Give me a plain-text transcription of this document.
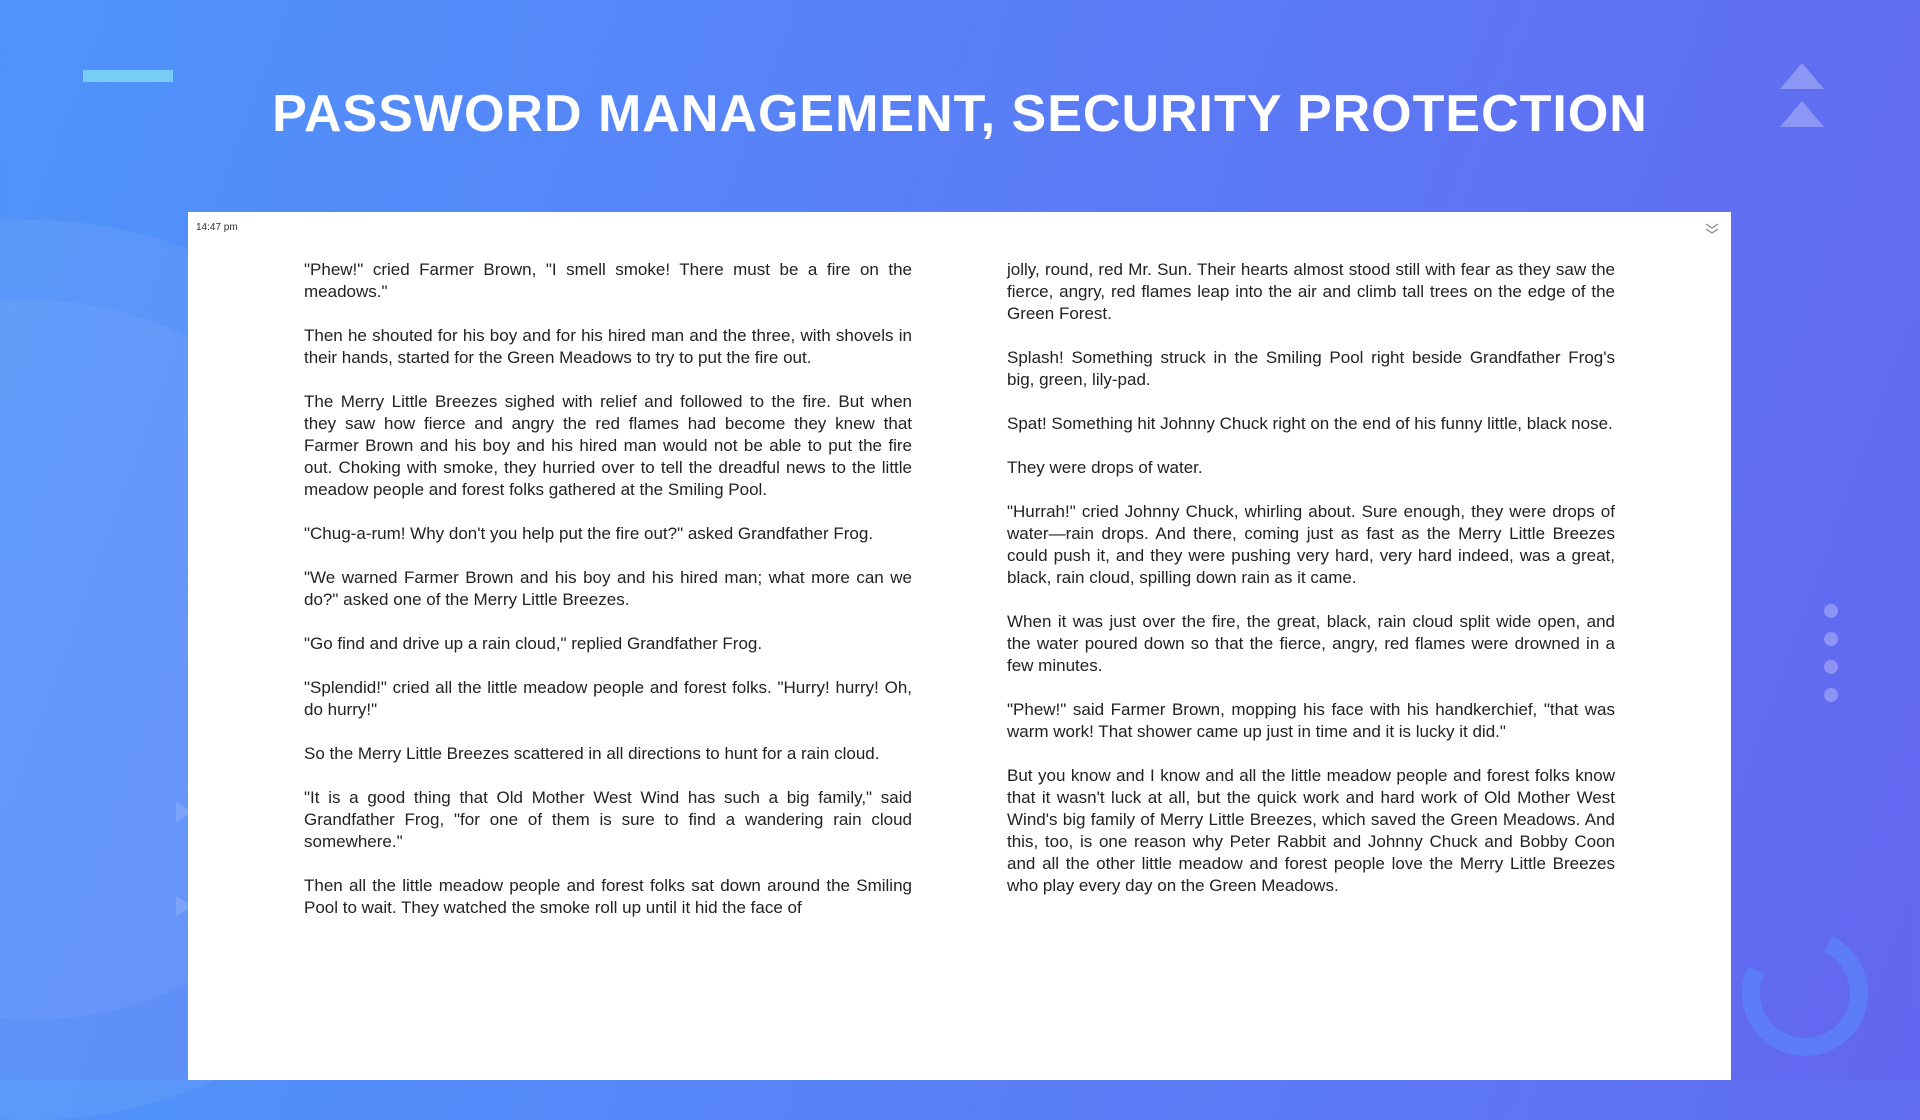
PASSWORD MANAGEMENT, SECURITY PROTECTION
14:47 pm

"Phew!" cried Farmer Brown, "I smell smoke! There must be a fire on the meadows."

Then he shouted for his boy and for his hired man and the three, with shovels in their hands, started for the Green Meadows to try to put the fire out.

The Merry Little Breezes sighed with relief and followed to the fire. But when they saw how fierce and angry the red flames had become they knew that Farmer Brown and his boy and his hired man would not be able to put the fire out. Choking with smoke, they hurried over to tell the dreadful news to the little meadow people and forest folks gathered at the Smiling Pool.

"Chug-a-rum! Why don't you help put the fire out?" asked Grandfather Frog.

"We warned Farmer Brown and his boy and his hired man; what more can we do?" asked one of the Merry Little Breezes.

"Go find and drive up a rain cloud," replied Grandfather Frog.

"Splendid!" cried all the little meadow people and forest folks. "Hurry! hurry! Oh, do hurry!"

So the Merry Little Breezes scattered in all directions to hunt for a rain cloud.

"It is a good thing that Old Mother West Wind has such a big family," said Grandfather Frog, "for one of them is sure to find a wandering rain cloud somewhere."

Then all the little meadow people and forest folks sat down around the Smiling Pool to wait. They watched the smoke roll up until it hid the face of

jolly, round, red Mr. Sun. Their hearts almost stood still with fear as they saw the fierce, angry, red flames leap into the air and climb tall trees on the edge of the Green Forest.

Splash! Something struck in the Smiling Pool right beside Grandfather Frog's big, green, lily-pad.

Spat! Something hit Johnny Chuck right on the end of his funny little, black nose.

They were drops of water.

"Hurrah!" cried Johnny Chuck, whirling about. Sure enough, they were drops of water—rain drops. And there, coming just as fast as the Merry Little Breezes could push it, and they were pushing very hard, very hard indeed, was a great, black, rain cloud, spilling down rain as it came.

When it was just over the fire, the great, black, rain cloud split wide open, and the water poured down so that the fierce, angry, red flames were drowned in a few minutes.

"Phew!" said Farmer Brown, mopping his face with his handkerchief, "that was warm work! That shower came up just in time and it is lucky it did."

But you know and I know and all the little meadow people and forest folks know that it wasn't luck at all, but the quick work and hard work of Old Mother West Wind's big family of Merry Little Breezes, which saved the Green Meadows. And this, too, is one reason why Peter Rabbit and Johnny Chuck and Bobby Coon and all the other little meadow and forest people love the Merry Little Breezes who play every day on the Green Meadows.
